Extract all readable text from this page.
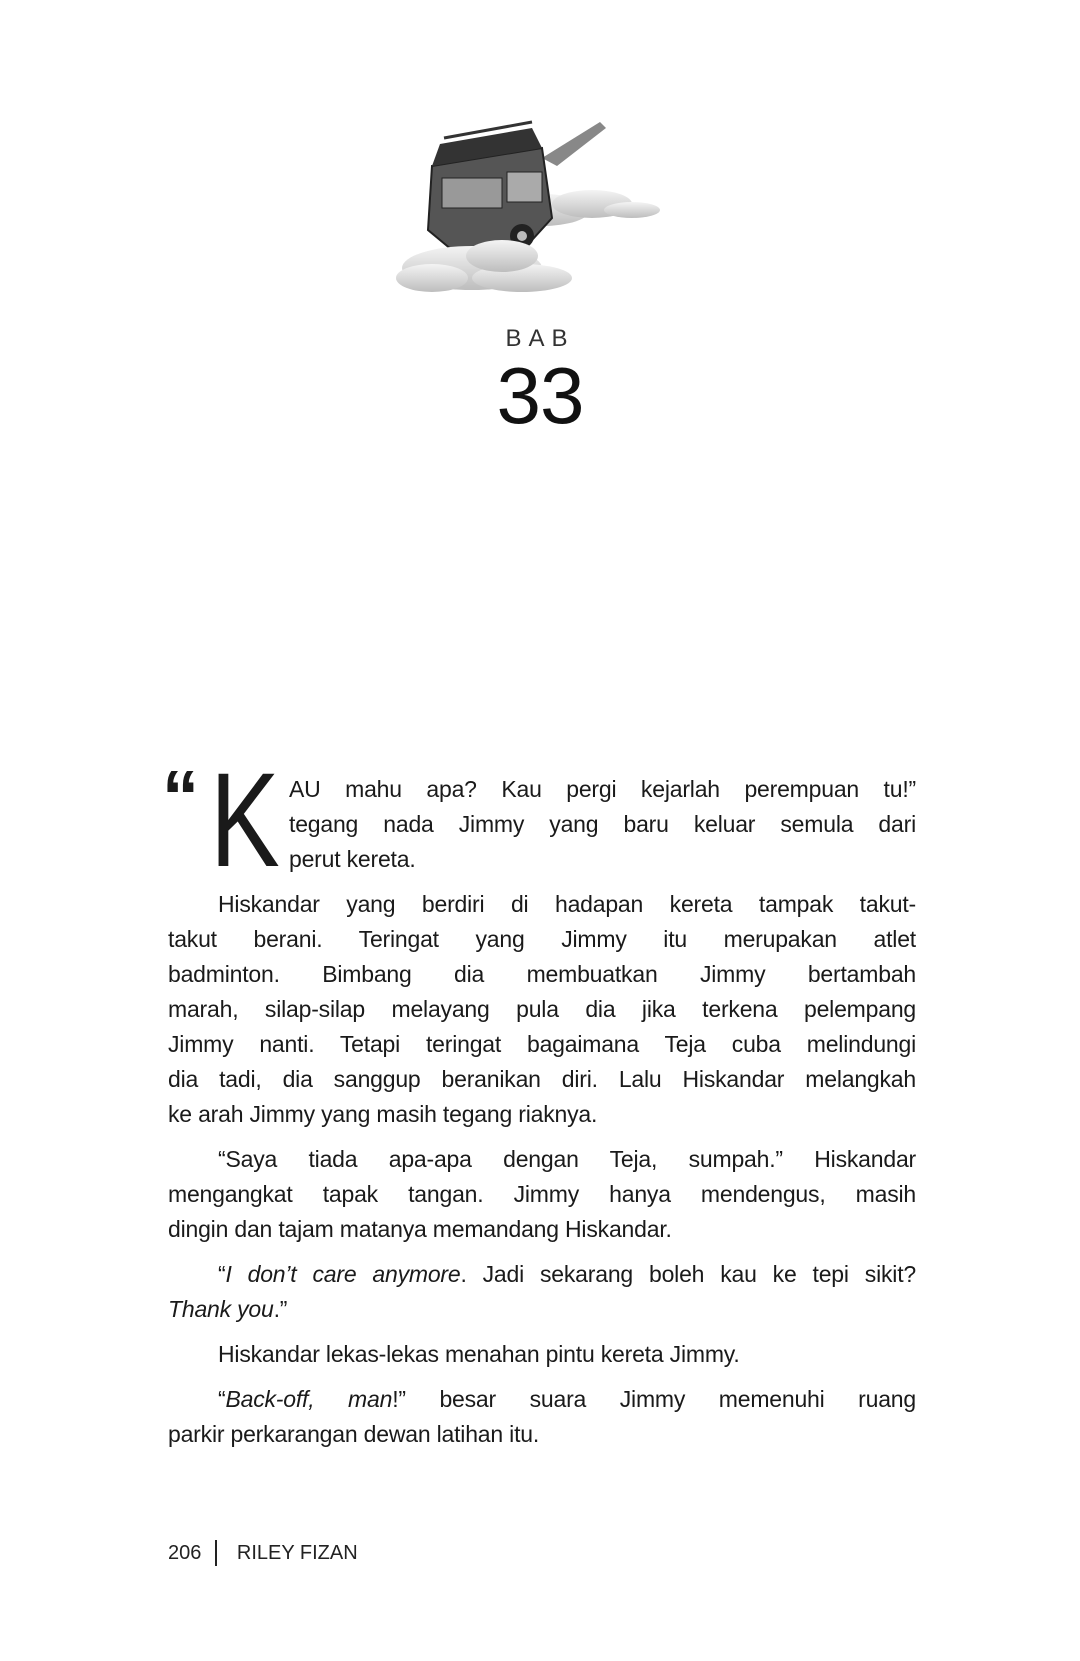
BAB
33
“ K AU mahu apa? Kau pergi kejarlah perempuan tu!”
tegang nada Jimmy yang baru keluar semula dari
perut kereta.
Hiskandar yang berdiri di hadapan kereta tampak takut-
takut berani. Teringat yang Jimmy itu merupakan atlet
badminton. Bimbang dia membuatkan Jimmy bertambah
marah, silap-silap melayang pula dia jika terkena pelempang
Jimmy nanti. Tetapi teringat bagaimana Teja cuba melindungi
dia tadi, dia sanggup beranikan diri. Lalu Hiskandar melangkah
ke arah Jimmy yang masih tegang riaknya.
“Saya tiada apa-apa dengan Teja, sumpah.” Hiskandar
mengangkat tapak tangan. Jimmy hanya mendengus, masih
dingin dan tajam matanya memandang Hiskandar.
“I don’t care anymore. Jadi sekarang boleh kau ke tepi sikit?
Thank you.”
Hiskandar lekas-lekas menahan pintu kereta Jimmy.
“Back-off, man!” besar suara Jimmy memenuhi ruang
parkir perkarangan dewan latihan itu.
206 RILEY FIZAN
